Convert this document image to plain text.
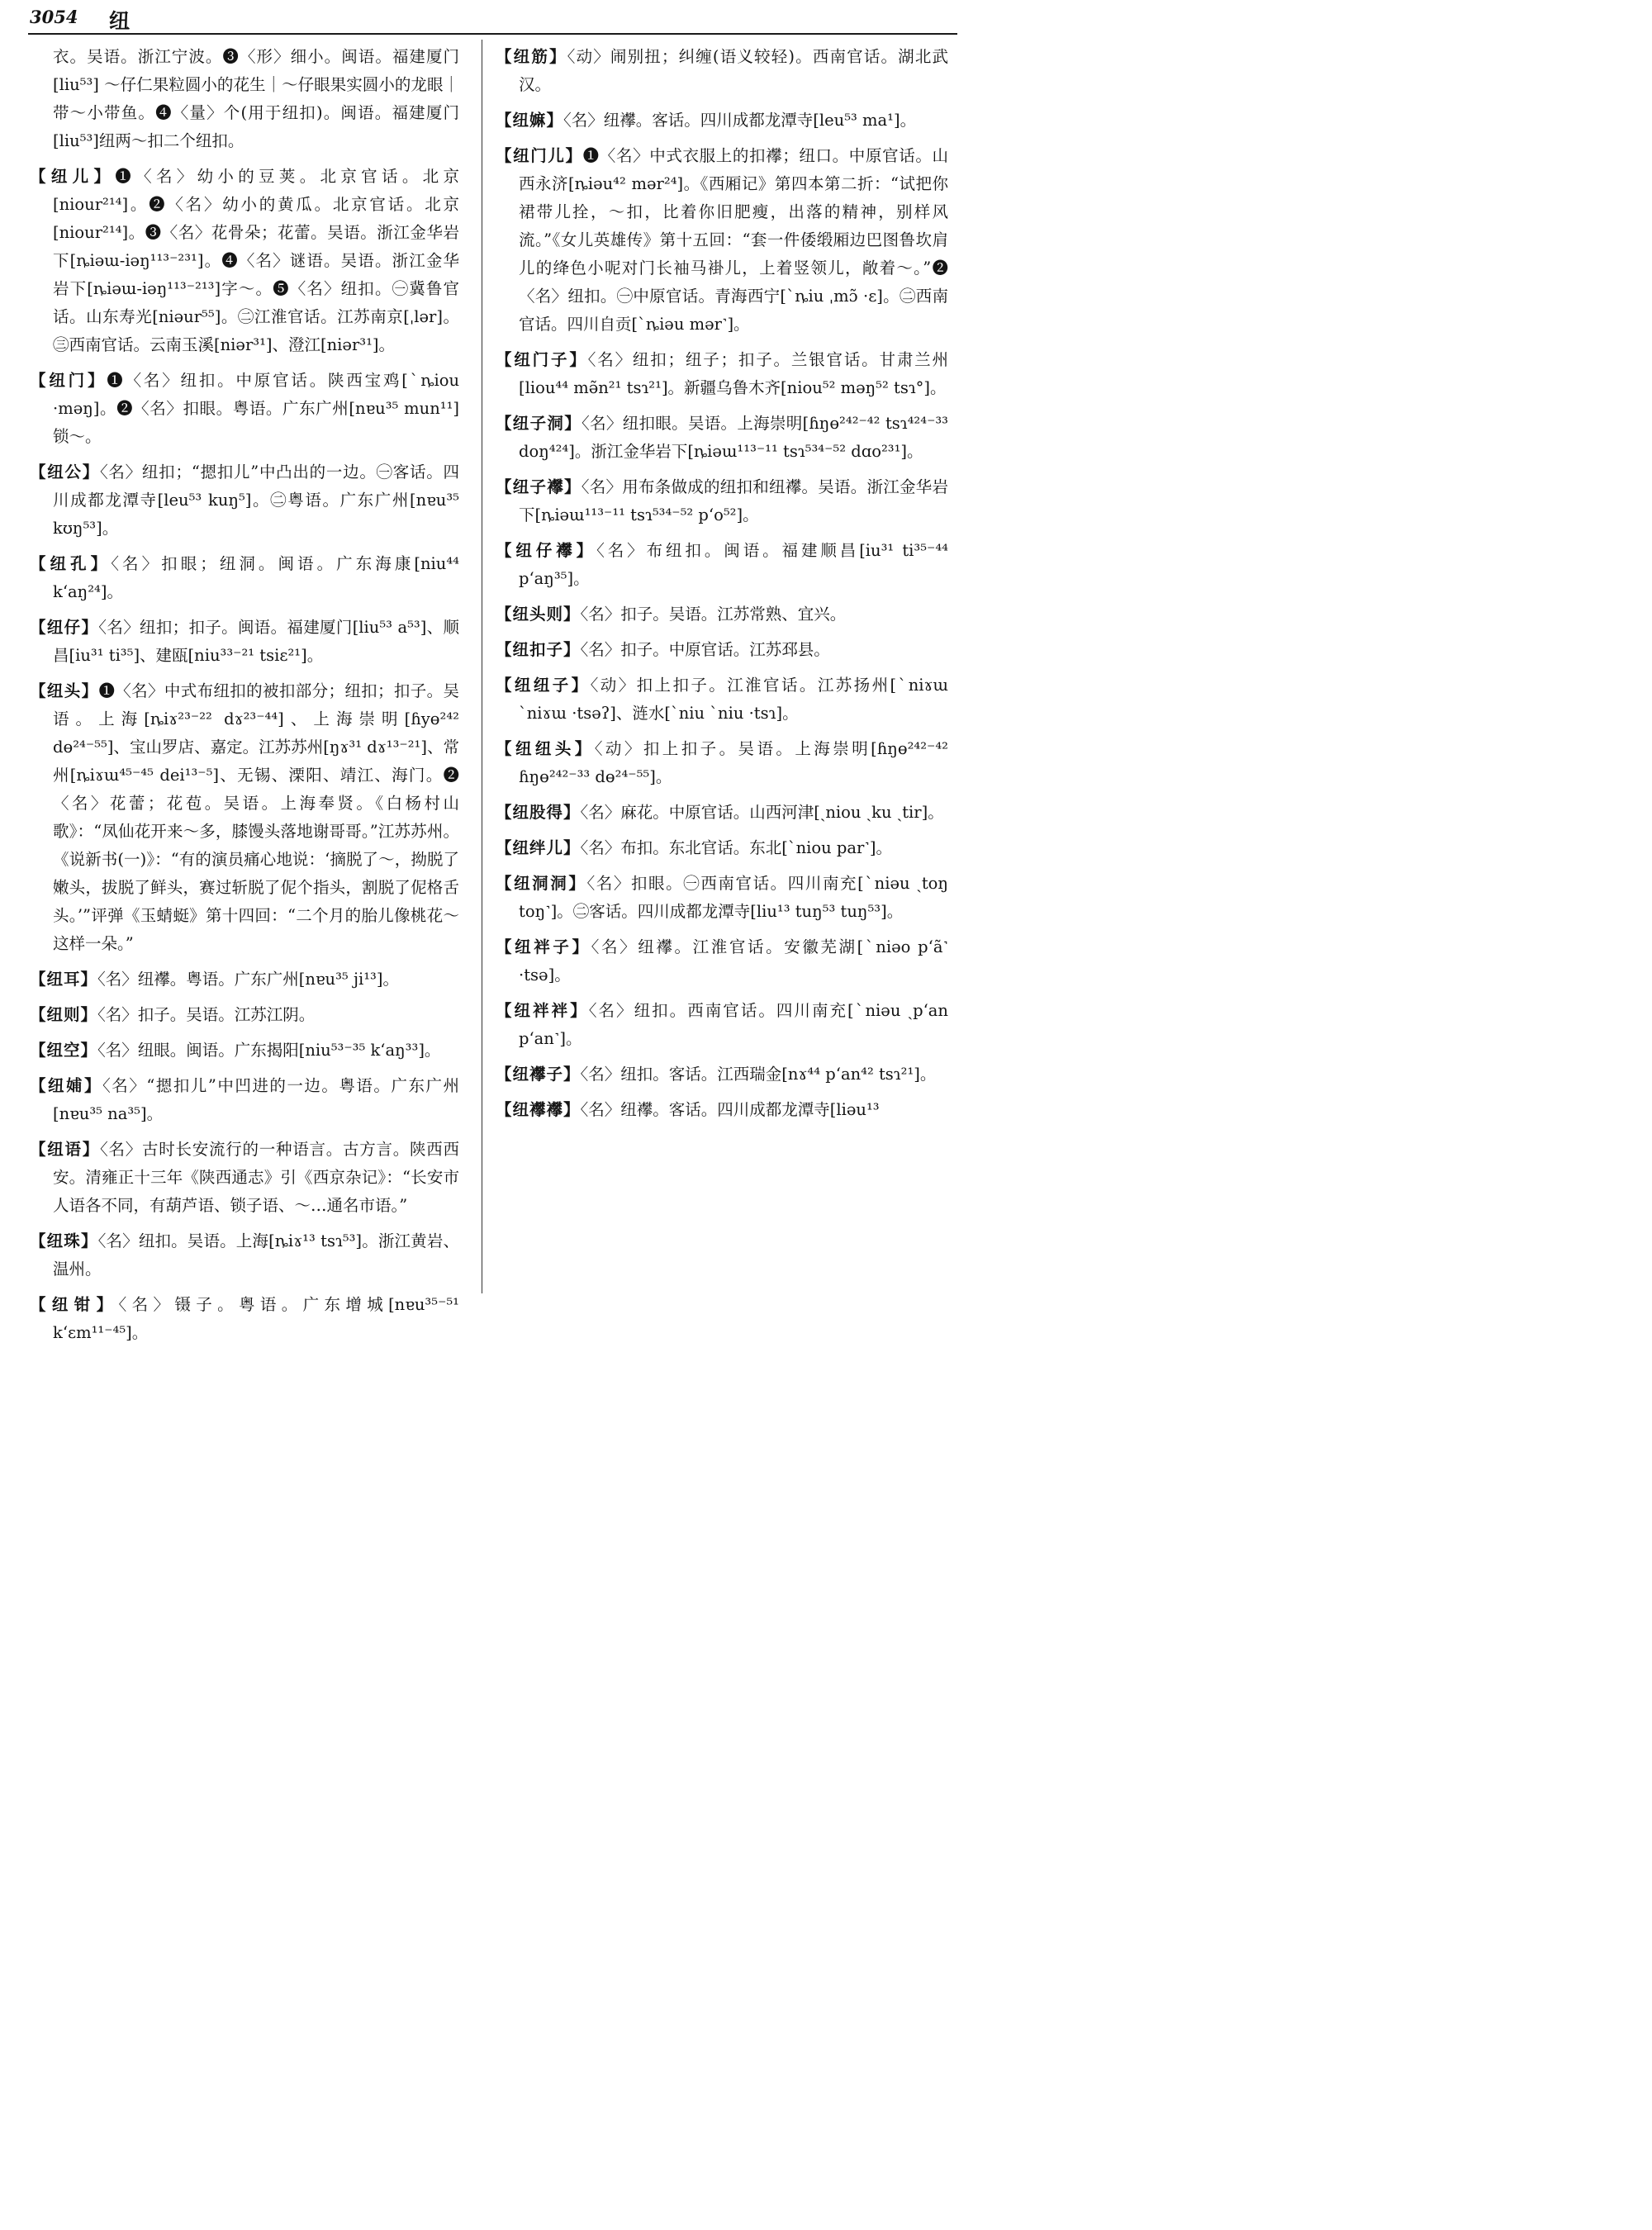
3054 纽
衣。吴语。浙江宁波。❸〈形〉细小。闽语。福建厦门[liu⁵³] ～仔仁果粒圆小的花生｜～仔眼果实圆小的龙眼｜带～小带鱼。❹〈量〉个(用于纽扣)。闽语。福建厦门[liu⁵³]纽两～扣二个纽扣。
【纽儿】❶〈名〉幼小的豆荚。北京官话。北京[niour²¹⁴]。❷〈名〉幼小的黄瓜。北京官话。北京[niour²¹⁴]。❸〈名〉花骨朵；花蕾。吴语。浙江金华岩下[ȵiəɯ-iəŋ¹¹³⁻²³¹]。❹〈名〉谜语。吴语。浙江金华岩下[ȵiəɯ-iəŋ¹¹³⁻²¹³]字～。❺〈名〉纽扣。㊀冀鲁官话。山东寿光[niəur⁵⁵]。㊁江淮官话。江苏南京[ˌlər]。㊂西南官话。云南玉溪[niər³¹]、澄江[niər³¹]。
【纽门】❶〈名〉纽扣。中原官话。陕西宝鸡[ˋȵiou ·məŋ]。❷〈名〉扣眼。粤语。广东广州[nɐu³⁵ mun¹¹]锁～。
【纽公】〈名〉纽扣；“摁扣儿”中凸出的一边。㊀客话。四川成都龙潭寺[leu⁵³ kuŋ⁵]。㊁粤语。广东广州[nɐu³⁵ kʊŋ⁵³]。
【纽孔】〈名〉扣眼；纽洞。闽语。广东海康[niu⁴⁴ k‘aŋ²⁴]。
【纽仔】〈名〉纽扣；扣子。闽语。福建厦门[liu⁵³ a⁵³]、顺昌[iu³¹ ti³⁵]、建瓯[niu³³⁻²¹ tsiɛ²¹]。
【纽头】❶〈名〉中式布纽扣的被扣部分；纽扣；扣子。吴语。上海[ȵiɤ²³⁻²² dɤ²³⁻⁴⁴]、上海崇明[ɦyɵ²⁴² dɵ²⁴⁻⁵⁵]、宝山罗店、嘉定。江苏苏州[ŋɤ³¹ dɤ¹³⁻²¹]、常州[ȵiɤɯ⁴⁵⁻⁴⁵ dei¹³⁻⁵]、无锡、溧阳、靖江、海门。❷〈名〉花蕾；花苞。吴语。上海奉贤。《白杨村山歌》：“凤仙花开来～多，膝馒头落地谢哥哥。”江苏苏州。《说新书(一)》：“有的演员痛心地说：‘摘脱了～，拗脱了嫩头，拔脱了鲜头，赛过斩脱了伲个指头，割脱了伲格舌头。’”评弹《玉蜻蜓》第十四回：“二个月的胎儿像桃花～这样一朵。”
【纽耳】〈名〉纽襻。粤语。广东广州[nɐu³⁵ ji¹³]。
【纽则】〈名〉扣子。吴语。江苏江阴。
【纽空】〈名〉纽眼。闽语。广东揭阳[niu⁵³⁻³⁵ k‘aŋ³³]。
【纽𡜵】〈名〉“摁扣儿”中凹进的一边。粤语。广东广州[nɐu³⁵ na³⁵]。
【纽语】〈名〉古时长安流行的一种语言。古方言。陕西西安。清雍正十三年《陕西通志》引《西京杂记》：“长安市人语各不同，有葫芦语、锁子语、～…通名市语。”
【纽珠】〈名〉纽扣。吴语。上海[ȵiɤ¹³ tsɿ⁵³]。浙江黄岩、温州。
【纽钳】〈名〉镊子。粤语。广东增城[nɐu³⁵⁻⁵¹ k‘ɛm¹¹⁻⁴⁵]。
【纽筋】〈动〉闹别扭；纠缠(语义较轻)。西南官话。湖北武汉。
【纽嫲】〈名〉纽襻。客话。四川成都龙潭寺[leu⁵³ ma¹]。
【纽门儿】❶〈名〉中式衣服上的扣襻；纽口。中原官话。山西永济[ȵiəu⁴² mər²⁴]。《西厢记》第四本第二折：“试把你裙带儿拴，～扣，比着你旧肥瘦，出落的精神，别样风流。”《女儿英雄传》第十五回：“套一件倭缎厢边巴图鲁坎肩儿的绛色小呢对门长袖马褂儿，上着竖领儿，敞着～。”❷〈名〉纽扣。㊀中原官话。青海西宁[ˋȵiu ˌmɔ̃ ·ɛ]。㊁西南官话。四川自贡[ˋȵiəu mər˺]。
【纽门子】〈名〉纽扣；纽子；扣子。兰银官话。甘肃兰州[liou⁴⁴ mə̃n²¹ tsɿ²¹]。新疆乌鲁木齐[niou⁵² məŋ⁵² tsɿ°]。
【纽子洞】〈名〉纽扣眼。吴语。上海崇明[ɦŋɵ²⁴²⁻⁴² tsɿ⁴²⁴⁻³³ doŋ⁴²⁴]。浙江金华岩下[ȵiəɯ¹¹³⁻¹¹ tsɿ⁵³⁴⁻⁵² dɑo²³¹]。
【纽子襻】〈名〉用布条做成的纽扣和纽襻。吴语。浙江金华岩下[ȵiəɯ¹¹³⁻¹¹ tsɿ⁵³⁴⁻⁵² p‘o⁵²]。
【纽仔襻】〈名〉布纽扣。闽语。福建顺昌[iu³¹ ti³⁵⁻⁴⁴ p‘aŋ³⁵]。
【纽头则】〈名〉扣子。吴语。江苏常熟、宜兴。
【纽扣子】〈名〉扣子。中原官话。江苏邳县。
【纽纽子】〈动〉扣上扣子。江淮官话。江苏扬州[ˋniɤɯ ˋniɤɯ ·tsəʔ]、涟水[ˋniu ˋniu ·tsɿ]。
【纽纽头】〈动〉扣上扣子。吴语。上海崇明[ɦŋɵ²⁴²⁻⁴² ɦŋɵ²⁴²⁻³³ dɵ²⁴⁻⁵⁵]。
【纽股得】〈名〉麻花。中原官话。山西河津[ˏniou ˏku ˏtir]。
【纽绊儿】〈名〉布扣。东北官话。东北[ˋniou par˺]。
【纽洞洞】〈名〉扣眼。㊀西南官话。四川南充[ˋniəu ˏtoŋ toŋ˺]。㊁客话。四川成都龙潭寺[liu¹³ tuŋ⁵³ tuŋ⁵³]。
【纽袢子】〈名〉纽襻。江淮官话。安徽芜湖[ˋniəo p‘ã˺ ·tsə]。
【纽袢袢】〈名〉纽扣。西南官话。四川南充[ˋniəu ˏp‘an p‘an˺]。
【纽襻子】〈名〉纽扣。客话。江西瑞金[nɤ⁴⁴ p‘an⁴² tsɿ²¹]。
【纽襻襻】〈名〉纽襻。客话。四川成都龙潭寺[liəu¹³
